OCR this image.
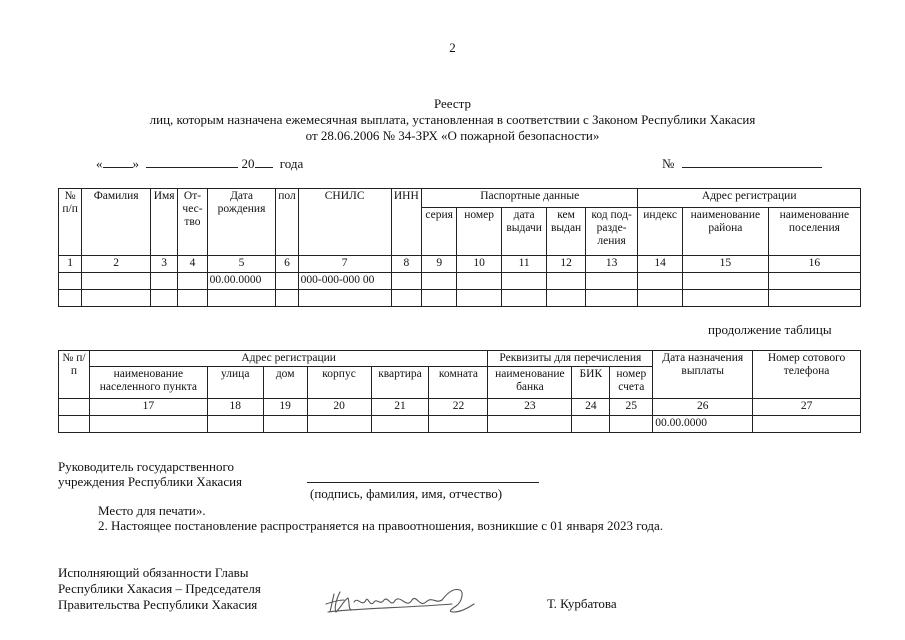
2
Реестр
лиц, которым назначена ежемесячная выплата, установленная в соответствии с Законом Республики Хакасия
от 28.06.2006 № 34-ЗРХ «О пожарной безопасности»
« »	20 года	№
№ п/п	Фамилия	Имя	От-чес-тво	Дата рождения	пол	СНИЛС	ИНН	Паспортные данные					Адрес регистрации		
								серия	номер	дата выдачи	кем выдан	код под-разде-ления	индекс	наименование района	наименование поселения
1	2	3	4	5	6	7	8	9	10	11	12	13	14	15	16
				00.00.0000		000-000-000 00									

продолжение таблицы
№ п/п	Адрес регистрации						Реквизиты для перечисления			Дата назначения выплаты	Номер сотового телефона
	наименование населенного пункта	улица	дом	корпус	квартира	комната	наименование банка	БИК	номер счета		
	17	18	19	20	21	22	23	24	25	26	27
										00.00.0000	
Руководитель государственного
учреждения Республики Хакасия
(подпись, фамилия, имя, отчество)
Место для печати».
2. Настоящее постановление распространяется на правоотношения, возникшие с 01 января 2023 года.
Исполняющий обязанности Главы
Республики Хакасия – Председателя
Правительства Республики Хакасия	Т. Курбатова
